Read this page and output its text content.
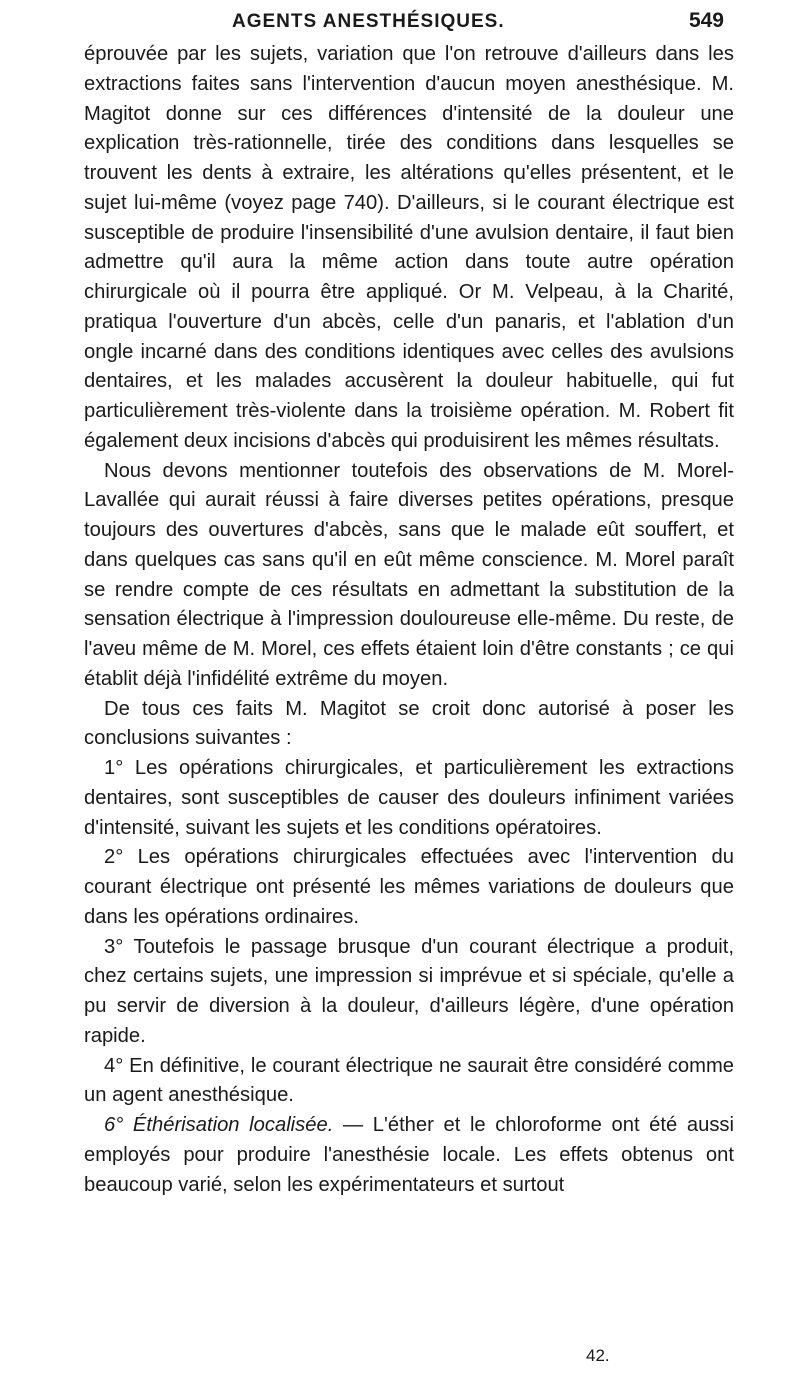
AGENTS ANESTHÉSIQUES.	549

éprouvée par les sujets, variation que l'on retrouve d'ailleurs dans les extractions faites sans l'intervention d'aucun moyen anesthésique. M. Magitot donne sur ces différences d'intensité de la douleur une explication très-rationnelle, tirée des conditions dans lesquelles se trouvent les dents à extraire, les altérations qu'elles présentent, et le sujet lui-même (voyez page 740). D'ailleurs, si le courant électrique est susceptible de produire l'insensibilité d'une avulsion dentaire, il faut bien admettre qu'il aura la même action dans toute autre opération chirurgicale où il pourra être appliqué. Or M. Velpeau, à la Charité, pratiqua l'ouverture d'un abcès, celle d'un panaris, et l'ablation d'un ongle incarné dans des conditions identiques avec celles des avulsions dentaires, et les malades accusèrent la douleur habituelle, qui fut particulièrement très-violente dans la troisième opération. M. Robert fit également deux incisions d'abcès qui produisirent les mêmes résultats.

Nous devons mentionner toutefois des observations de M. Morel-Lavallée qui aurait réussi à faire diverses petites opérations, presque toujours des ouvertures d'abcès, sans que le malade eût souffert, et dans quelques cas sans qu'il en eût même conscience. M. Morel paraît se rendre compte de ces résultats en admettant la substitution de la sensation électrique à l'impression douloureuse elle-même. Du reste, de l'aveu même de M. Morel, ces effets étaient loin d'être constants ; ce qui établit déjà l'infidélité extrême du moyen.

De tous ces faits M. Magitot se croit donc autorisé à poser les conclusions suivantes :

1° Les opérations chirurgicales, et particulièrement les extractions dentaires, sont susceptibles de causer des douleurs infiniment variées d'intensité, suivant les sujets et les conditions opératoires.

2° Les opérations chirurgicales effectuées avec l'intervention du courant électrique ont présenté les mêmes variations de douleurs que dans les opérations ordinaires.

3° Toutefois le passage brusque d'un courant électrique a produit, chez certains sujets, une impression si imprévue et si spéciale, qu'elle a pu servir de diversion à la douleur, d'ailleurs légère, d'une opération rapide.

4° En définitive, le courant électrique ne saurait être considéré comme un agent anesthésique.

6° Éthérisation localisée. — L'éther et le chloroforme ont été aussi employés pour produire l'anesthésie locale. Les effets obtenus ont beaucoup varié, selon les expérimentateurs et surtout

42.
